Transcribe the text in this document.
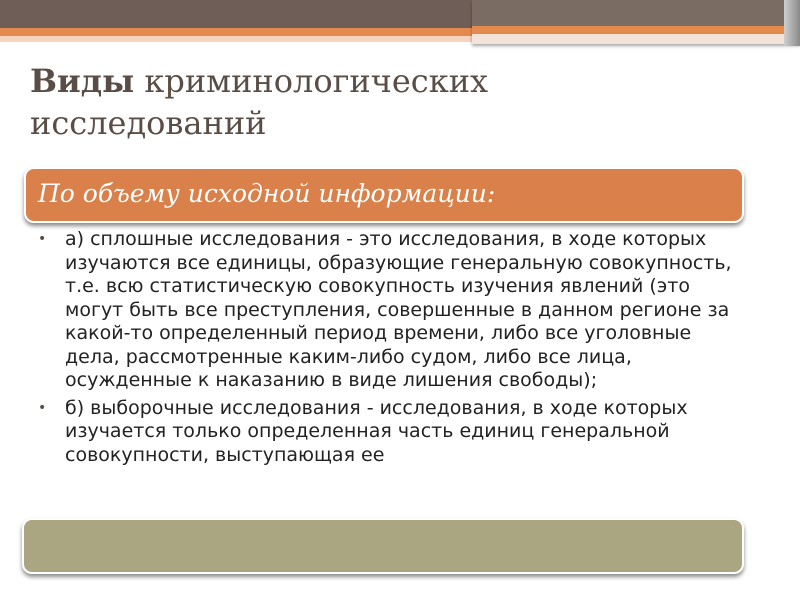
Виды криминологических исследований
По объему исходной информации:
• а) сплошные исследования - это исследования, в ходе которых изучаются все единицы, образующие генеральную совокупность, т.е. всю статистическую совокупность изучения явлений (это могут быть все преступления, совершенные в данном регионе за какой-то определенный период времени, либо все уголовные дела, рассмотренные каким-либо судом, либо все лица, осужденные к наказанию в виде лишения свободы);
• б) выборочные исследования - исследования, в ходе которых изучается только определенная часть единиц генеральной совокупности, выступающая ее
